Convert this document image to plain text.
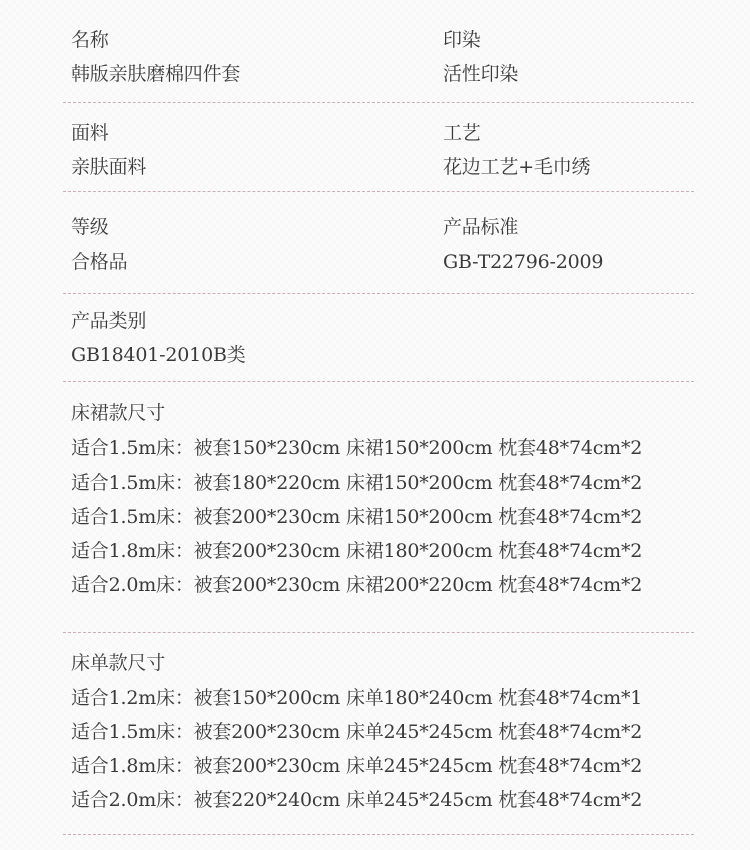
名称
韩版亲肤磨棉四件套
印染
活性印染
面料
亲肤面料
工艺
花边工艺+毛巾绣
等级
合格品
产品标准
GB-T22796-2009
产品类别
GB18401-2010B类
床裙款尺寸
适合1.5m床：被套150*230cm 床裙150*200cm 枕套48*74cm*2
适合1.5m床：被套180*220cm 床裙150*200cm 枕套48*74cm*2
适合1.5m床：被套200*230cm 床裙150*200cm 枕套48*74cm*2
适合1.8m床：被套200*230cm 床裙180*200cm 枕套48*74cm*2
适合2.0m床：被套200*230cm 床裙200*220cm 枕套48*74cm*2
床单款尺寸
适合1.2m床：被套150*200cm 床单180*240cm 枕套48*74cm*1
适合1.5m床：被套200*230cm 床单245*245cm 枕套48*74cm*2
适合1.8m床：被套200*230cm 床单245*245cm 枕套48*74cm*2
适合2.0m床：被套220*240cm 床单245*245cm 枕套48*74cm*2
